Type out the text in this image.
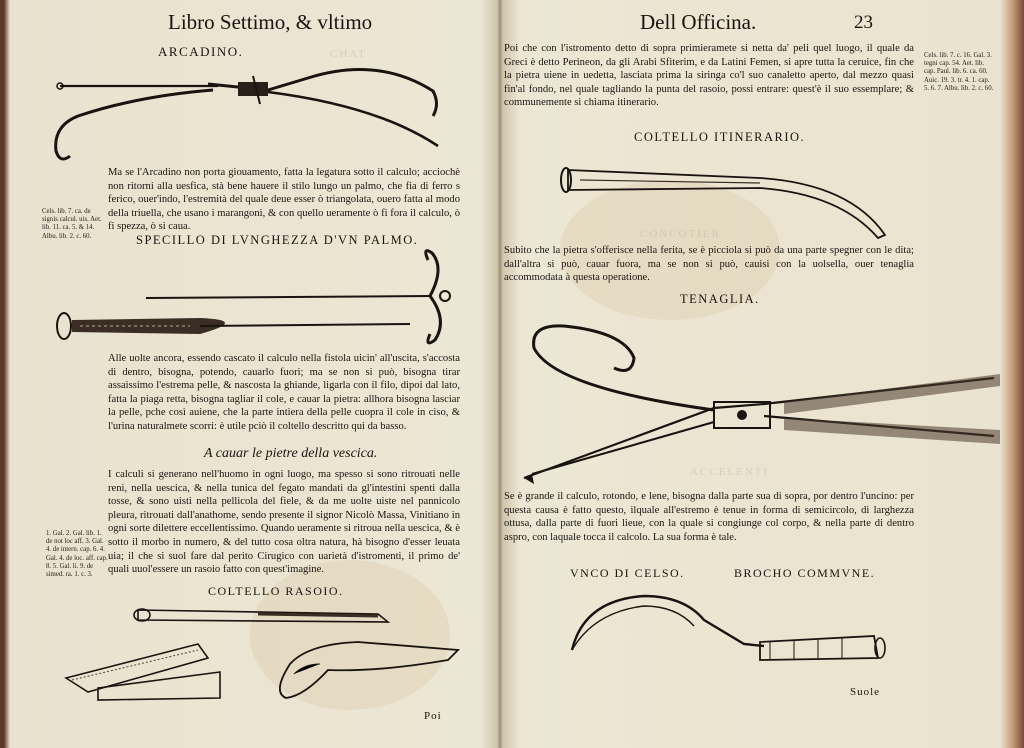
CHAT
CONCOTIER
ACCELENTI
Libro Settimo, & vltimo
ARCADINO.
Ma se l'Arcadino non porta giouamento, fatta la legatura sotto il calculo; acciochè non ritorni alla uesfica, stà bene hauere il stilo lungo un palmo, che fia di ferro s ferico, ouer'indo, l'estremità del quale deue esser ò triangolata, ouero fatta al modo della triuella, che usano i marangoni, & con quello ueramente ò fi fora il calculo, ò fi spezza, ò si caua.
Cels. lib. 7. ca. de signis calcul. uis. Aet. lib. 11. ca. 5. & 14. Albu. lib. 2. c. 60.	SPECILLO DI LVNGHEZZA D'VN PALMO.
Alle uolte ancora, essendo cascato il calculo nella fistola uicin' all'uscita, s'accosta di dentro, bisogna, potendo, cauarlo fuori; ma se non si può, bisogna tirar assaissimo l'estrema pelle, & nascosta la ghiande, ligarla con il filo, dipoi dal lato, fatta la piaga retta, bisogna tagliar il cole, e cauar la pietra: allhora bisogna lasciar la pelle, pche così auiene, che la parte intiera della pelle cuopra il cole in ciso, & l'urina naturalmete scorri: è utile pciò il coltello descritto qui da basso.
A cauar le pietre della vescica.
I calculi si generano nell'huomo in ogni luogo, ma spesso si sono ritrouati nelle reni, nella uescica, & nella tunica del fegato mandati da gl'intestini spenti dalla tosse, & sono uisti nella pellicola del fiele, & da me uolte uiste nel pannicolo pleura, ritrouati dall'anathome, sendo presente il signor Nicolò Massa, Vinitiano in ogni sorte dilettere eccellentissimo. Quando ueramente si ritroua nella uescica, & è sotto il morbo in numero, & del tutto cosa oltra natura, hà bisogno d'esser leuata uia; il che si suol fare dal perito Cirugico con uarietà d'istromenti, il primo de' quali uuol'essere un rasoio fatto con quest'imagine.
1. Gal. 2. Gal. lib. 1. de not loc aff. 3. Gal. 4. de intern. cap. 6. 4. Gal. 4. de loc. aff. cap. 8. 5. Gal. li. 9. de simed. ra. 1. c. 3.
COLTELLO RASOIO.
Poi
Dell Officina.	23
Poi che con l'istromento detto di sopra primieramete si netta da' peli quel luogo, il quale da Greci è detto Perineon, da gli Arabi Sfiterim, e da Latini Femen, si apre tutta la ceruice, fin che la pietra uiene in uedetta, lasciata prima la siringa co'l suo canaletto aperto, dal mezzo quasi fin'al fondo, nel quale tagliando la punta del rasoio, possi entrare: quest'è il suo essemplare; & communemente si chiama itinerario.
Cels. lib. 7. c. 16. Gal. 3. tegni cap. 54. Aet. lib. cap. Paul. lib. 6. ca. 60. Auic. 19. 3. tr. 4. 1. cap. 5. 6. 7. Albu. lib. 2. c. 60.
COLTELLO ITINERARIO.
Subito che la pietra s'offerisce nella ferita, se è picciola si può da una parte spegner con le dita; dall'altra si può, cauar fuora, ma se non si può, cauisi con la uolsella, ouer tenaglia accommodata à questa operatione.
TENAGLIA.
Se è grande il calculo, rotondo, e lene, bisogna dalla parte sua di sopra, por dentro l'uncino: per questa causa è fatto questo, ilquale all'estremo è tenue in forma di semicircolo, di larghezza ottusa, dalla parte di fuori lieue, con la quale si congiunge col corpo, & nella parte di dentro aspro, con laquale tocca il calcolo. La sua forma è tale.
VNCO DI CELSO.	BROCHO COMMVNE.
Suole
